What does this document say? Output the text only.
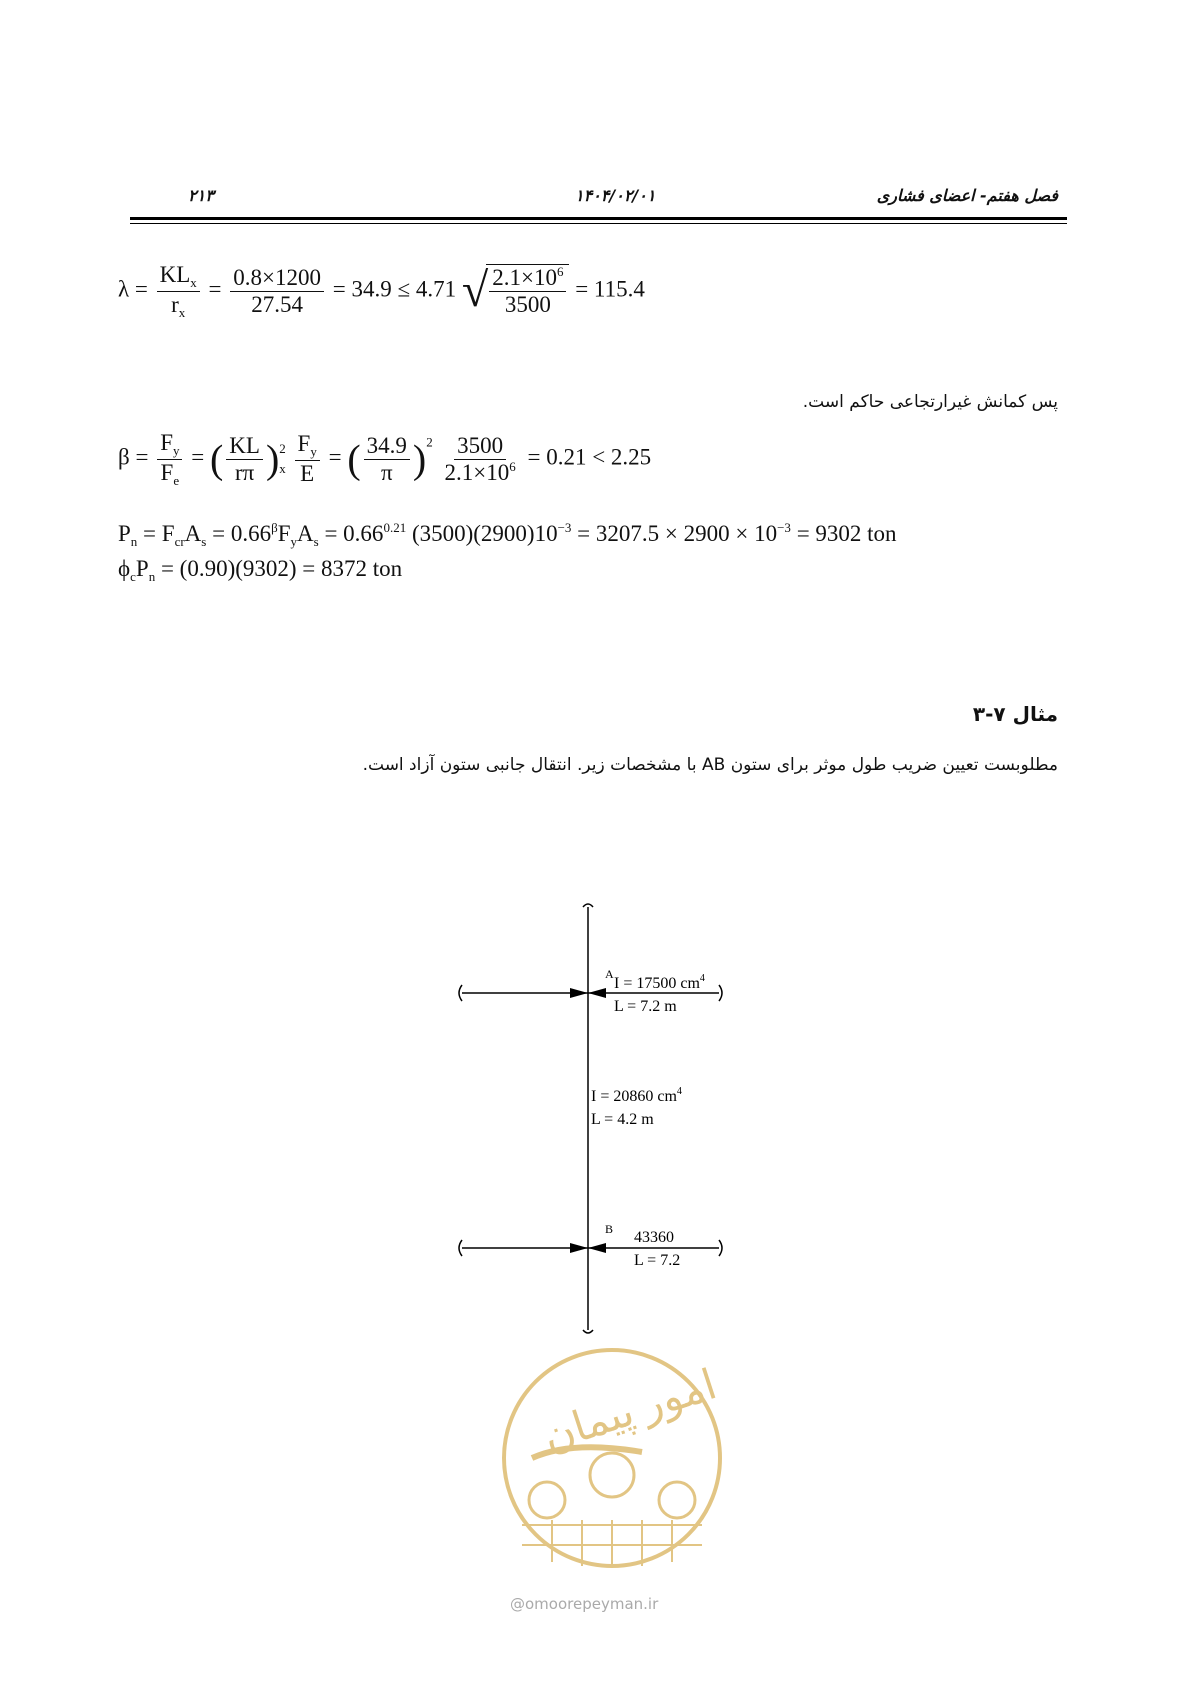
فصل هفتم- اعضای فشاری
۱۴۰۴/۰۲/۰۱
۲۱۳
$\lambda = \frac{KL_x}{r_x} = \frac{0.8\times 1200}{27.54} = 34.9 \le 4.71$ √ $\frac{2.1\times 10^6}{3500} = 115.4$
پس کمانش غیرارتجاعی حاکم است.
$\beta = \frac{F_y}{F_e}$ = ( $\frac{KL}{r\pi}$ ) 2
x
$\frac{F_y}{E}$ = ( $\frac{34.9}{\pi} )^2 \frac{3500}{2.1\times 10^6} = 0.21 < 2.25$
$P_n = F_{cr}A_s = 0.66^\beta F_yA_s = 0.66^{0.21}$ $(3500)(2900)10^{-3} = 3207.5 \times 2900 \times 10^{-3} = 9302$ ton
$\phi_cP_n = (0.90)(9302) = 8372$ ton
مثال ۷-۳
مطلوبست تعیین ضریب طول موثر برای ستون AB با مشخصات زیر. انتقال جانبی ستون آزاد است.
A
B
I = 17500 $cm^4$
L = 7.2 m
I = 20860 $cm^4$
L = 4.2 m
43360
L = 7.2
امور پیمان
@omoorepeyman.ir
